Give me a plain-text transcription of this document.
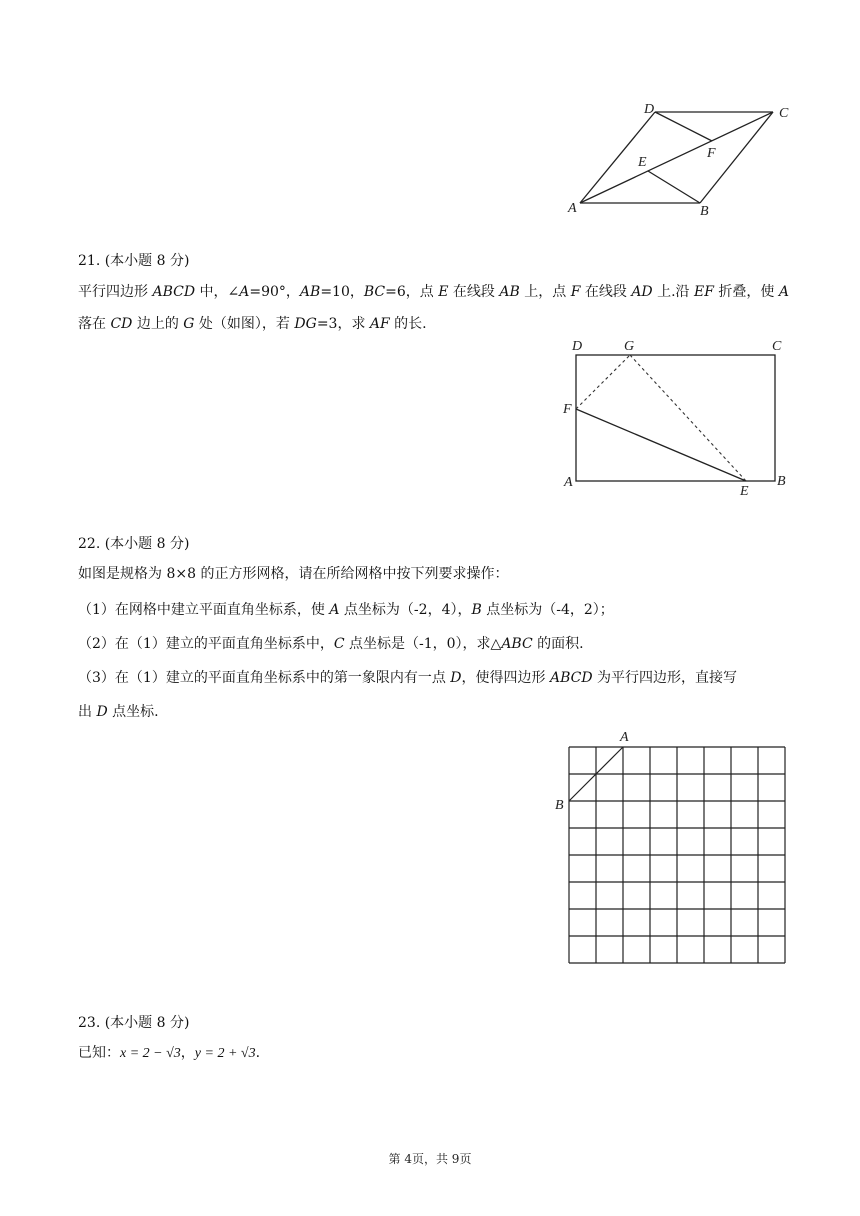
D	C
F
E
A	B
21. (本小题 8 分)
平行四边形 ABCD 中，∠A=90°，AB=10，BC=6，点 E 在线段 AB 上，点 F 在线段 AD 上.沿 EF 折叠，使 A
落在 CD 边上的 G 处（如图），若 DG=3，求 AF 的长.
D	G	C
F
A
E
B
22. (本小题 8 分)
如图是规格为 8×8 的正方形网格，请在所给网格中按下列要求操作：
（1）在网格中建立平面直角坐标系，使 A 点坐标为（-2，4），B 点坐标为（-4，2）；
（2）在（1）建立的平面直角坐标系中，C 点坐标是（-1，0），求△ABC 的面积.
（3）在（1）建立的平面直角坐标系中的第一象限内有一点 D，使得四边形 ABCD 为平行四边形，直接写
出 D 点坐标.
A
B
23. (本小题 8 分)
已知：x = 2 − √3，y = 2 + √3.
第 4页，共 9页
